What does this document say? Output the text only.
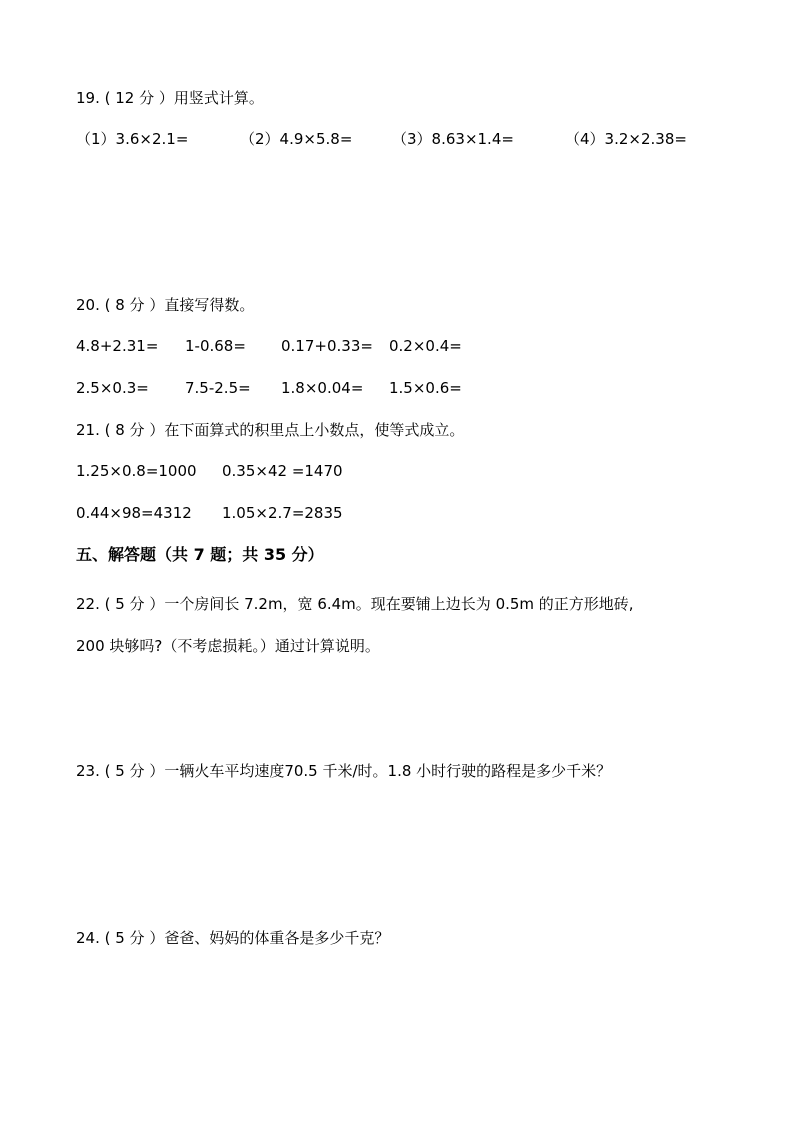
19. ( 12 分 ）用竖式计算。
（1）3.6×2.1=	（2）4.9×5.8=	（3）8.63×1.4=	（4）3.2×2.38=
20. ( 8 分 ）直接写得数。
4.8+2.31= 1-0.68= 0.17+0.33= 0.2×0.4=
2.5×0.3= 7.5-2.5= 1.8×0.04= 1.5×0.6=
21. ( 8 分 ）在下面算式的积里点上小数点，使等式成立。
1.25×0.8=1000 0.35×42 =1470
0.44×98=4312 1.05×2.7=2835
五、解答题（共 7 题；共 35 分）
22. ( 5 分 ）一个房间长 7.2m，宽 6.4m。现在要铺上边长为 0.5m 的正方形地砖,
200 块够吗?（不考虑损耗。）通过计算说明。
23. ( 5 分 ）一辆火车平均速度70.5 千米/时。1.8 小时行驶的路程是多少千米？
24. ( 5 分 ）爸爸、妈妈的体重各是多少千克？
